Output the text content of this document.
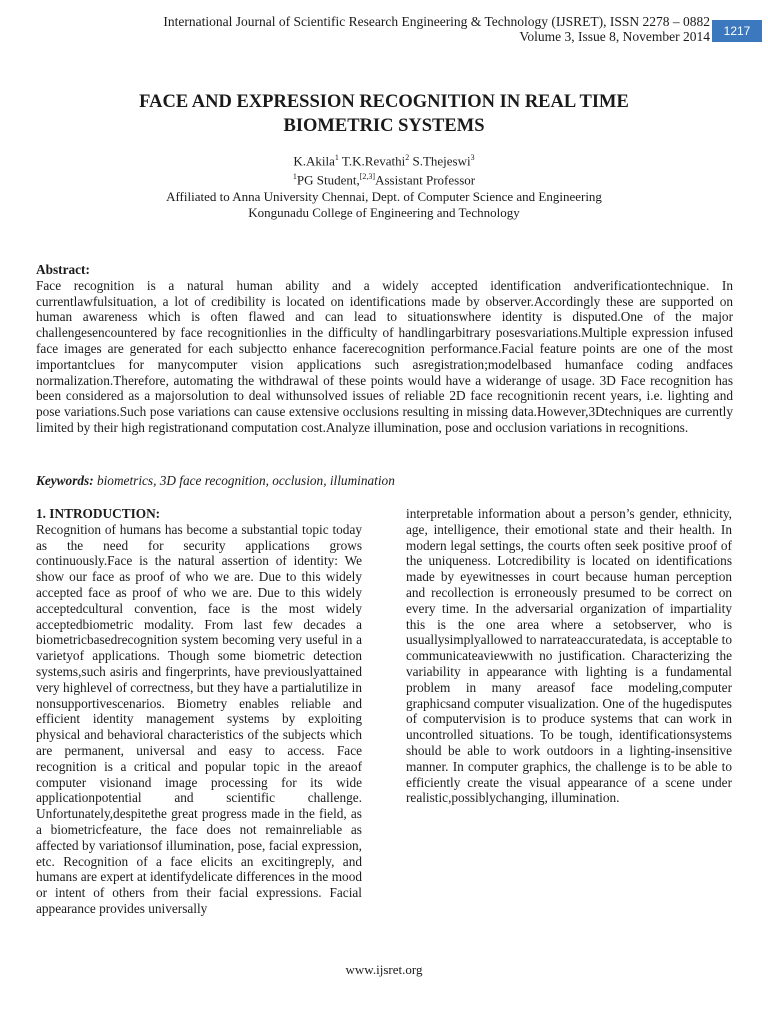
International Journal of Scientific Research Engineering & Technology (IJSRET), ISSN 2278 – 0882
Volume 3, Issue 8, November 2014	1217
FACE AND EXPRESSION RECOGNITION IN REAL TIME
BIOMETRIC SYSTEMS
K.Akila$^1$ T.K.Revathi$^2$ S.Thejeswi$^3$
$^1$PG Student,[2,3]Assistant Professor
Affiliated to Anna University Chennai, Dept. of Computer Science and Engineering
Kongunadu College of Engineering and Technology
Abstract:
Face recognition is a natural human ability and a widely accepted identification andverificationtechnique. In currentlawfulsituation, a lot of credibility is located on identifications made by observer.Accordingly these are supported on human awareness which is often flawed and can lead to situationswhere identity is disputed.One of the major challengesencountered by face recognitionlies in the difficulty of handlingarbitrary posesvariations.Multiple expression infused face images are generated for each subjectto enhance facerecognition performance.Facial feature points are one of the most importantclues for manycomputer vision applications such asregistration;modelbased humanface coding andfaces normalization.Therefore, automating the withdrawal of these points would have a widerange of usage. 3D Face recognition has been considered as a majorsolution to deal withunsolved issues of reliable 2D face recognitionin recent years, i.e. lighting and pose variations.Such pose variations can cause extensive occlusions resulting in missing data.However,3Dtechniques are currently limited by their high registrationand computation cost.Analyze illumination, pose and occlusion variations in recognitions.
Keywords: biometrics, 3D face recognition, occlusion, illumination
1. INTRODUCTION:
Recognition of humans has become a substantial topic today as the need for security applications grows continuously.Face is the natural assertion of identity: We show our face as proof of who we are. Due to this widely accepted face as proof of who we are. Due to this widely acceptedcultural convention, face is the most widely acceptedbiometric modality. From last few decades a biometricbasedrecognition system becoming very useful in a varietyof applications. Though some biometric detection systems,such asiris and fingerprints, have previouslyattained very highlevel of correctness, but they have a partialutilize in nonsupportivescenarios. Biometry enables reliable and efficient identity management systems by exploiting physical and behavioral characteristics of the subjects which are permanent, universal and easy to access. Face recognition is a critical and popular topic in the areaof computer visionand image processing for its wide applicationpotential and scientific challenge. Unfortunately,despitethe great progress made in the field, as a biometricfeature, the face does not remainreliable as affected by variationsof illumination, pose, facial expression, etc. Recognition of a face elicits an excitingreply, and humans are expert at identifydelicate differences in the mood or intent of others from their facial expressions. Facial appearance provides universally
interpretable information about a person’s gender, ethnicity, age, intelligence, their emotional state and their health. In modern legal settings, the courts often seek positive proof of the uniqueness. Lotcredibility is located on identifications made by eyewitnesses in court because human perception and recollection is erroneously presumed to be correct on every time. In the adversarial organization of impartiality this is the one area where a setobserver, who is usuallysimplyallowed to narrateaccuratedata, is acceptable to communicateaviewwith no justification. Characterizing the variability in appearance with lighting is a fundamental problem in many areasof face modeling,computer graphicsand computer visualization. One of the hugedisputes of computervision is to produce systems that can work in uncontrolled situations. To be tough, identificationsystems should be able to work outdoors in a lighting-insensitive manner. In computer graphics, the challenge is to be able to efficiently create the visual appearance of a scene under realistic,possiblychanging, illumination.
www.ijsret.org
